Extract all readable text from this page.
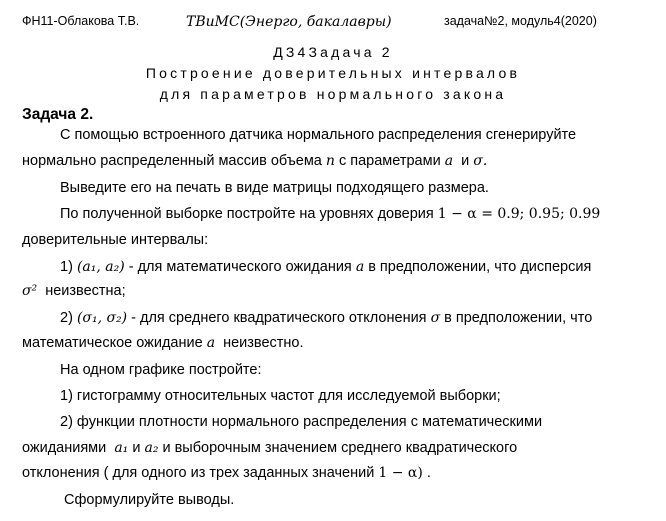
ФН11-Облакова Т.В.	ТВиМС(Энерго, бакалавры)	задача№2, модуль4(2020)
ДЗ4Задача 2
Построение доверительных интервалов
для параметров нормального закона
Задача 2.
С помощью встроенного датчика нормального распределения сгенерируйте
нормально распределенный массив объема n с параметрами a и σ.
Выведите его на печать в виде матрицы подходящего размера.
По полученной выборке постройте на уровнях доверия 1 − α = 0.9; 0.95; 0.99
доверительные интервалы:
1) (a₁, a₂) - для математического ожидания a в предположении, что дисперсия
σ² неизвестна;
2) (σ₁, σ₂) - для среднего квадратического отклонения σ в предположении, что
математическое ожидание a неизвестно.
На одном графике постройте:
1) гистограмму относительных частот для исследуемой выборки;
2) функции плотности нормального распределения с математическими
ожиданиями a₁ и a₂ и выборочным значением среднего квадратического
отклонения ( для одного из трех заданных значений 1 − α) .
Сформулируйте выводы.
